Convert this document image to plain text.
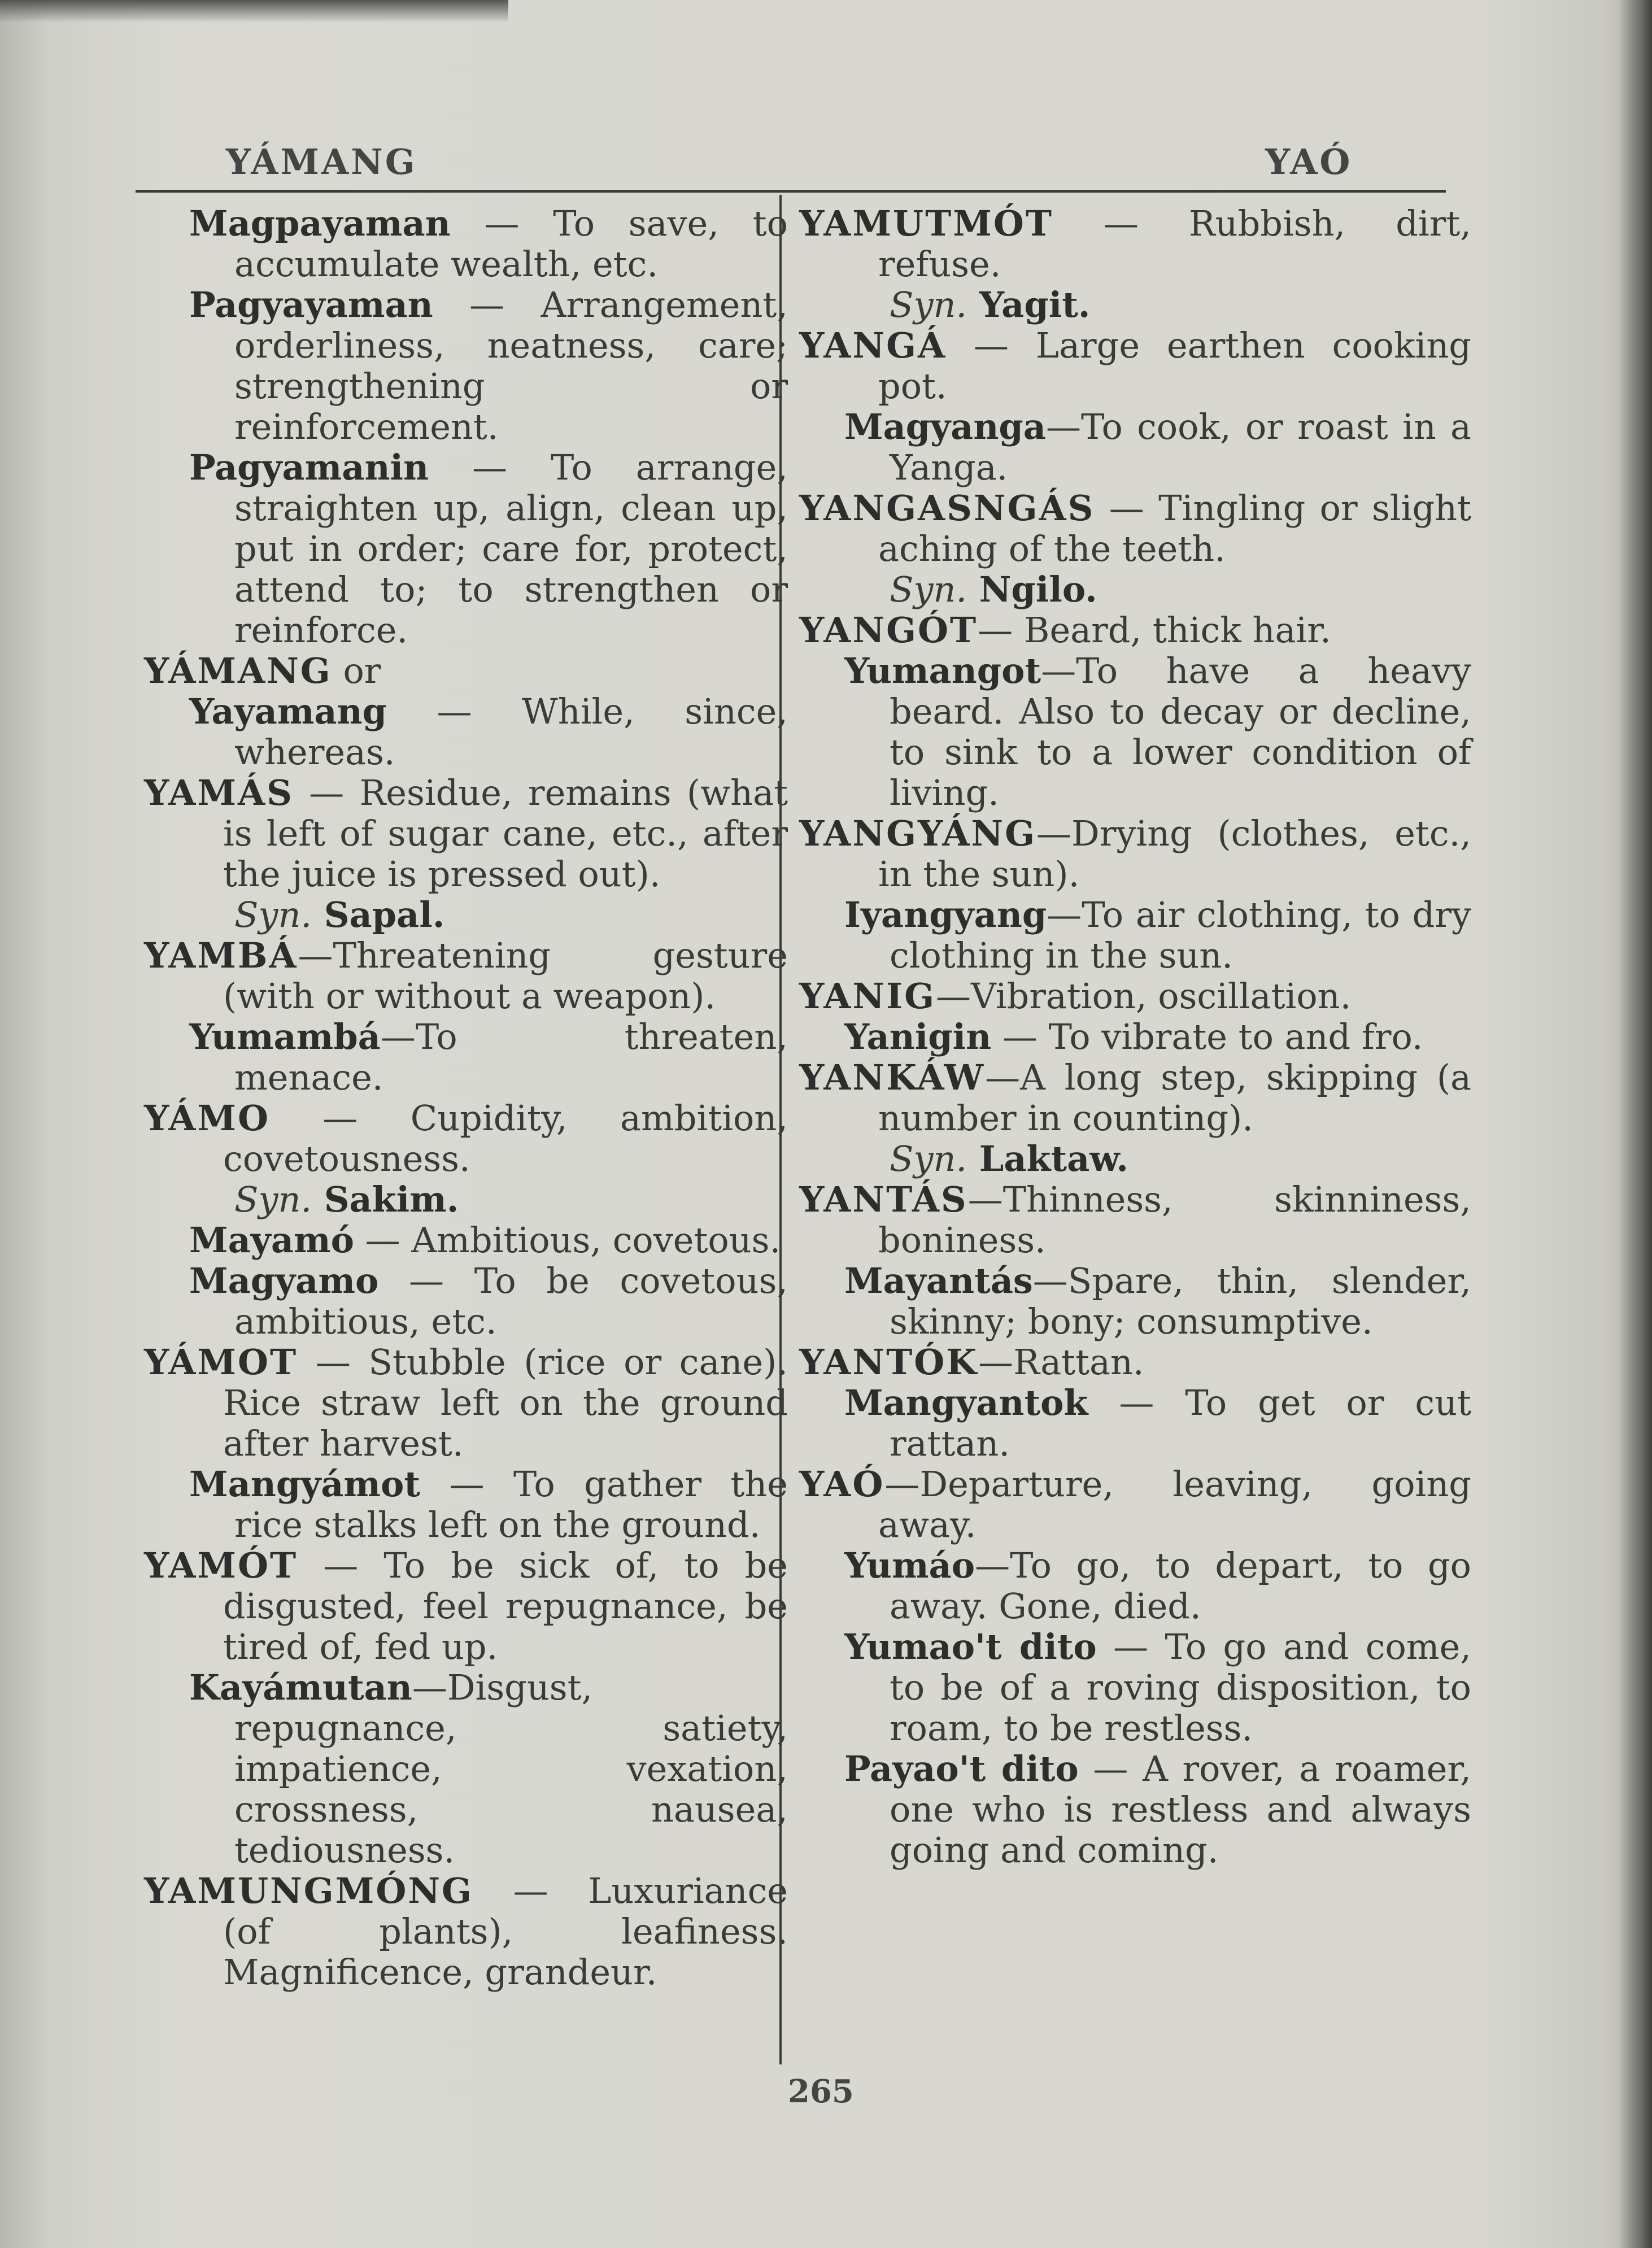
YÁMANG	YAÓ

Magpayaman — To save, to accumulate wealth, etc.

Pagyayaman — Arrangement, orderliness, neatness, care; strengthening or reinforcement.

Pagyamanin — To arrange, straighten up, align, clean up, put in order; care for, protect, attend to; to strengthen or reinforce.

YÁMANG or

Yayamang — While, since, whereas.

YAMÁS — Residue, remains (what is left of sugar cane, etc., after the juice is pressed out).

Syn. Sapal.

YAMBÁ—Threatening gesture (with or without a weapon).

Yumambá—To threaten, menace.

YÁMO — Cupidity, ambition, covetousness.

Syn. Sakim.

Mayamó — Ambitious, covetous.

Magyamo — To be covetous, ambitious, etc.

YÁMOT — Stubble (rice or cane). Rice straw left on the ground after harvest.

Mangyámot — To gather the rice stalks left on the ground.

YAMÓT — To be sick of, to be disgusted, feel repugnance, be tired of, fed up.

Kayámutan—Disgust, repugnance, satiety, impatience, vexation, crossness, nausea, tediousness.

YAMUNGMÓNG — Luxuriance (of plants), leafiness. Magnificence, grandeur.

YAMUTMÓT — Rubbish, dirt, refuse.

Syn. Yagit.

YANGÁ — Large earthen cooking pot.

Magyanga—To cook, or roast in a Yanga.

YANGASNGÁS — Tingling or slight aching of the teeth.

Syn. Ngilo.

YANGÓT— Beard, thick hair.

Yumangot—To have a heavy beard. Also to decay or decline, to sink to a lower condition of living.

YANGYÁNG—Drying (clothes, etc., in the sun).

Iyangyang—To air clothing, to dry clothing in the sun.

YANIG—Vibration, oscillation.

Yanigin — To vibrate to and fro.

YANKÁW—A long step, skipping (a number in counting).

Syn. Laktaw.

YANTÁS—Thinness, skinniness, boniness.

Mayantás—Spare, thin, slender, skinny; bony; consumptive.

YANTÓK—Rattan.

Mangyantok — To get or cut rattan.

YAÓ—Departure, leaving, going away.

Yumáo—To go, to depart, to go away. Gone, died.

Yumao't dito — To go and come, to be of a roving disposition, to roam, to be restless.

Payao't dito — A rover, a roamer, one who is restless and always going and coming.

265
